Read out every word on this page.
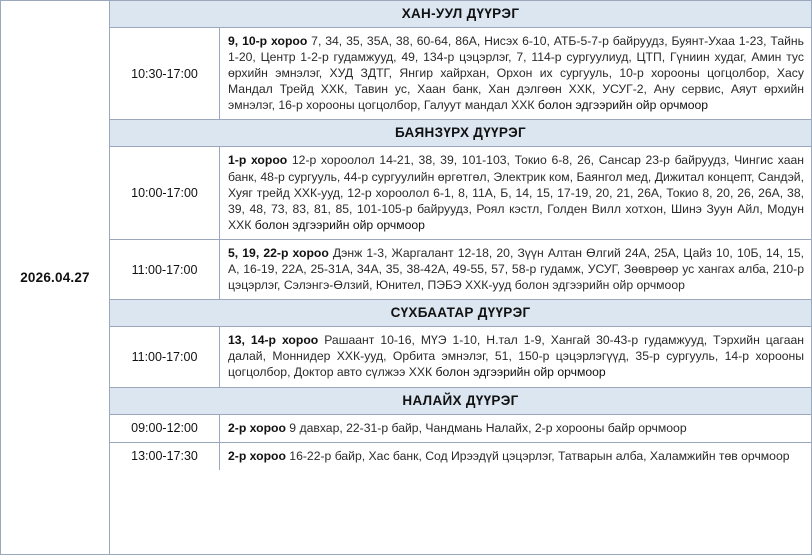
2026.04.27
ХАН-УУЛ ДҮҮРЭГ
10:30-17:00
9, 10-р хороо 7, 34, 35, 35А, 38, 60-64, 86А, Нисэх 6-10, АТБ-5-7-р байруудз, Буянт-Ухаа 1-23, Тайнь 1-20, Центр 1-2-р гудамжууд, 49, 134-р цэцэрлэг, 7, 114-р сургуулиуд, ЦТП, Гүниин худаг, Амин тус өрхийн эмнэлэг, ХУД ЗДТГ, Янгир хайрхан, Орхон их сургууль, 10-р хорооны цогцолбор, Хасу Мандал Трейд ХХК, Тавин ус, Хаан банк, Хан дэлгөөн ХХК, УСУГ-2, Ану сервис, Аяут өрхийн эмнэлэг, 16-р хорооны цогцолбор, Галуут мандал ХХК болон эдгээрийн ойр орчмоор
БАЯНЗҮРХ ДҮҮРЭГ
10:00-17:00
1-р хороо 12-р хороолол 14-21, 38, 39, 101-103, Токио 6-8, 26, Сансар 23-р байруудз, Чингис хаан банк, 48-р сургууль, 44-р сургуулийн өргөтгөл, Электрик ком, Баянгол мед, Дижитал концепт, Сандэй, Хуяг трейд ХХК-ууд, 12-р хороолол 6-1, 8, 11А, Б, 14, 15, 17-19, 20, 21, 26А, Токио 8, 20, 26, 26А, 38, 39, 48, 73, 83, 81, 85, 101-105-р байруудз, Роял кэстл, Голден Вилл хотхон, Шинэ Зуун Айл, Модун ХХК болон эдгээрийн ойр орчмоор
11:00-17:00
5, 19, 22-р хороо Дэнж 1-3, Жаргалант 12-18, 20, Зүүн Алтан Өлгий 24А, 25А, Цайз 10, 10Б, 14, 15, А, 16-19, 22А, 25-31А, 34А, 35, 38-42А, 49-55, 57, 58-р гудамж, УСУГ, Зөөврөөр ус хангах алба, 210-р цэцэрлэг, Сэлэнгэ-Өлзий, Юнител, ПЭБЭ ХХК-ууд болон эдгээрийн ойр орчмоор
СҮХБААТАР ДҮҮРЭГ
11:00-17:00
13, 14-р хороо Рашаант 10-16, МҮЭ 1-10, Н.тал 1-9, Хангай 30-43-р гудамжууд, Тэрхийн цагаан далай, Моннидер ХХК-ууд, Орбита эмнэлэг, 51, 150-р цэцэрлэгүүд, 35-р сургууль, 14-р хорооны цогцолбор, Доктор авто сүлжээ ХХК болон эдгээрийн ойр орчмоор
НАЛАЙХ ДҮҮРЭГ
09:00-12:00	2-р хороо 9 давхар, 22-31-р байр, Чандмань Налайх, 2-р хорооны байр орчмоор
13:00-17:30	2-р хороо 16-22-р байр, Хас банк, Сод Ирээдүй цэцэрлэг, Татварын алба, Халамжийн төв орчмоор
